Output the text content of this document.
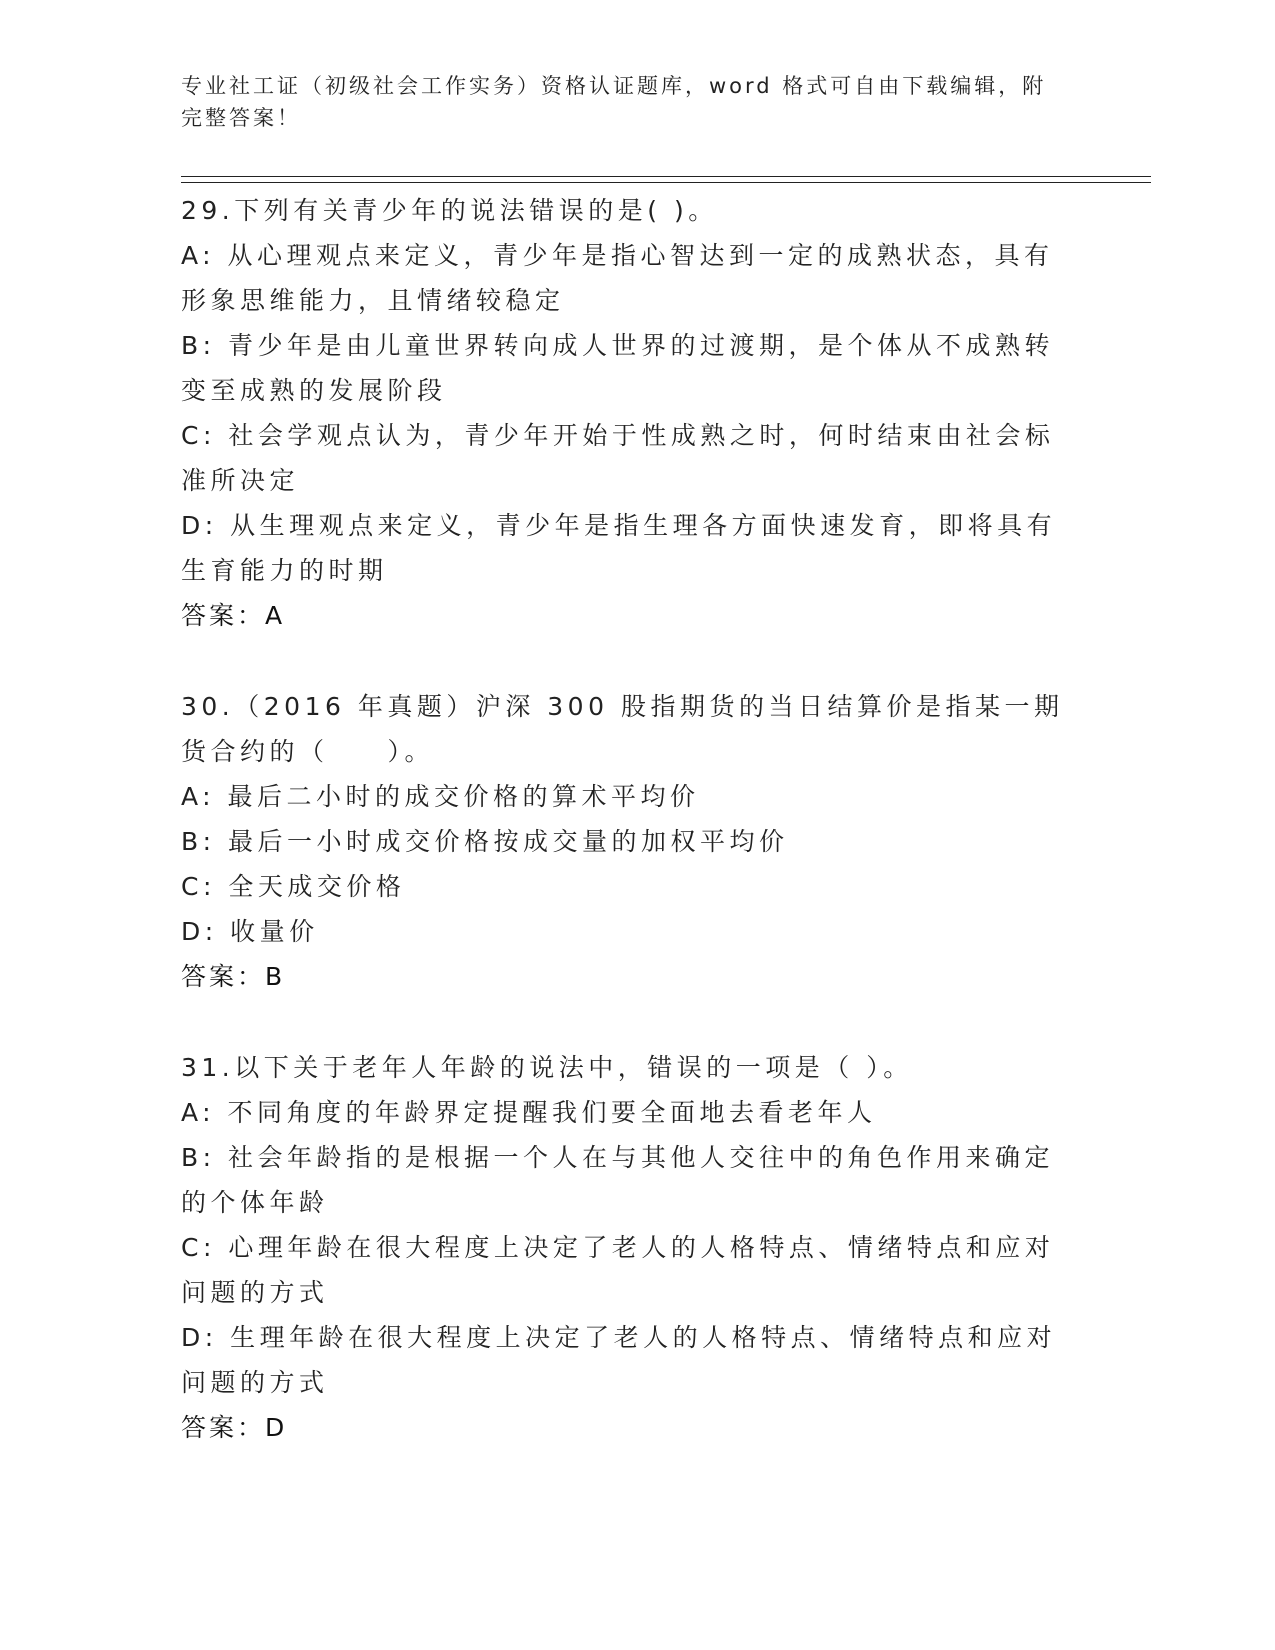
专业社工证（初级社会工作实务）资格认证题库，word 格式可自由下载编辑，附完整答案！

29.下列有关青少年的说法错误的是( )。

A: 从心理观点来定义，青少年是指心智达到一定的成熟状态，具有形象思维能力，且情绪较稳定

B: 青少年是由儿童世界转向成人世界的过渡期，是个体从不成熟转变至成熟的发展阶段

C: 社会学观点认为，青少年开始于性成熟之时，何时结束由社会标准所决定

D: 从生理观点来定义，青少年是指生理各方面快速发育，即将具有生育能力的时期

答案：A

30.（2016 年真题）沪深 300 股指期货的当日结算价是指某一期货合约的（　　）。

A: 最后二小时的成交价格的算术平均价

B: 最后一小时成交价格按成交量的加权平均价

C: 全天成交价格

D: 收量价

答案：B

31.以下关于老年人年龄的说法中，错误的一项是（ ）。

A: 不同角度的年龄界定提醒我们要全面地去看老年人

B: 社会年龄指的是根据一个人在与其他人交往中的角色作用来确定的个体年龄

C: 心理年龄在很大程度上决定了老人的人格特点、情绪特点和应对问题的方式

D: 生理年龄在很大程度上决定了老人的人格特点、情绪特点和应对问题的方式

答案：D
